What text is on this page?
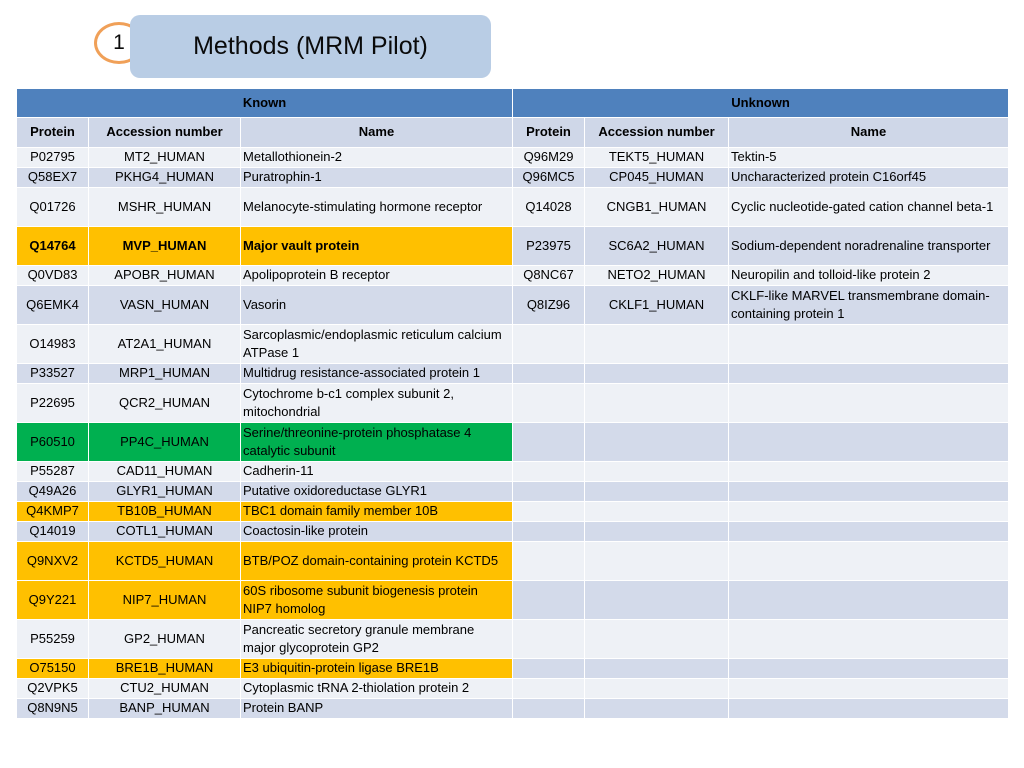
1	Methods (MRM Pilot)
Known			Unknown		
Protein	Accession number	Name	Protein	Accession number	Name
P02795	MT2_HUMAN	Metallothionein-2	Q96M29	TEKT5_HUMAN	Tektin-5
Q58EX7	PKHG4_HUMAN	Puratrophin-1	Q96MC5	CP045_HUMAN	Uncharacterized protein C16orf45
Q01726	MSHR_HUMAN	Melanocyte-stimulating hormone receptor	Q14028	CNGB1_HUMAN	Cyclic nucleotide-gated cation channel beta-1
Q14764	MVP_HUMAN	Major vault protein	P23975	SC6A2_HUMAN	Sodium-dependent noradrenaline transporter
Q0VD83	APOBR_HUMAN	Apolipoprotein B receptor	Q8NC67	NETO2_HUMAN	Neuropilin and tolloid-like protein 2
Q6EMK4	VASN_HUMAN	Vasorin	Q8IZ96	CKLF1_HUMAN	CKLF-like MARVEL transmembrane domain-containing protein 1
O14983	AT2A1_HUMAN	Sarcoplasmic/endoplasmic reticulum calcium ATPase 1			
P33527	MRP1_HUMAN	Multidrug resistance-associated protein 1			
P22695	QCR2_HUMAN	Cytochrome b-c1 complex subunit 2, mitochondrial			
P60510	PP4C_HUMAN	Serine/threonine-protein phosphatase 4 catalytic subunit			
P55287	CAD11_HUMAN	Cadherin-11			
Q49A26	GLYR1_HUMAN	Putative oxidoreductase GLYR1			
Q4KMP7	TB10B_HUMAN	TBC1 domain family member 10B			
Q14019	COTL1_HUMAN	Coactosin-like protein			
Q9NXV2	KCTD5_HUMAN	BTB/POZ domain-containing protein KCTD5			
Q9Y221	NIP7_HUMAN	60S ribosome subunit biogenesis protein NIP7 homolog			
P55259	GP2_HUMAN	Pancreatic secretory granule membrane major glycoprotein GP2			
O75150	BRE1B_HUMAN	E3 ubiquitin-protein ligase BRE1B			
Q2VPK5	CTU2_HUMAN	Cytoplasmic tRNA 2-thiolation protein 2			
Q8N9N5	BANP_HUMAN	Protein BANP			
